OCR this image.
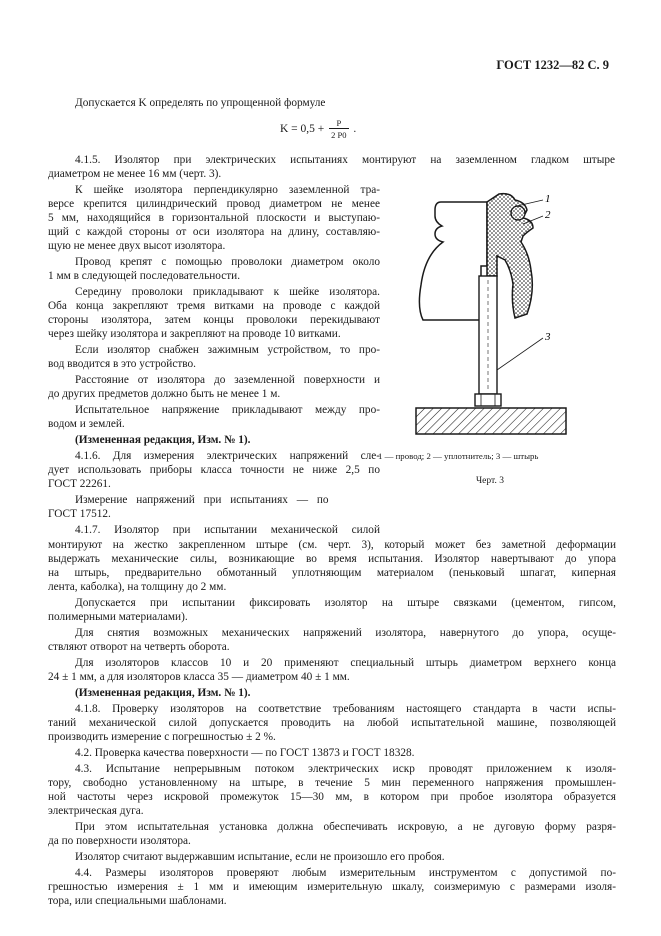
ГОСТ 1232—82 С. 9
Допускается K определять по упрощенной формуле
$K = 0,5 + \frac{P}{2 P0}$ .
4.1.5. Изолятор при электрических испытаниях монтируют на заземленном гладком штыре
диаметром не менее 16 мм (черт. 3).
К шейке изолятора перпендикулярно заземленной тра-
версе крепится цилиндрический провод диаметром не менее
5 мм, находящийся в горизонтальной плоскости и выступаю-
щий с каждой стороны от оси изолятора на длину, составляю-
щую не менее двух высот изолятора.
Провод крепят с помощью проволоки диаметром около
1 мм в следующей последовательности.
Середину проволоки прикладывают к шейке изолятора.
Оба конца закрепляют тремя витками на проводе с каждой
стороны изолятора, затем концы проволоки перекидывают
через шейку изолятора и закрепляют на проводе 10 витками.
Если изолятор снабжен зажимным устройством, то про-
вод вводится в это устройство.
Расстояние от изолятора до заземленной поверхности и
до других предметов должно быть не менее 1 м.
Испытательное напряжение прикладывают между про-
водом и землей.
(Измененная редакция, Изм. № 1).
4.1.6. Для измерения электрических напряжений сле-
дует использовать приборы класса точности не ниже 2,5 по
ГОСТ 22261.
Измерение напряжений при испытаниях — по
ГОСТ 17512.
4.1.7. Изолятор при испытании механической силой
1
2
3
1 — провод; 2 — уплотнитель; 3 — штырь
Черт. 3
монтируют на жестко закрепленном штыре (см. черт. 3), который может без заметной деформации
выдержать механические силы, возникающие во время испытания. Изолятор навертывают до упора
на штырь, предварительно обмотанный уплотняющим материалом (пеньковый шпагат, киперная
лента, каболка), на толщину до 2 мм.
Допускается при испытании фиксировать изолятор на штыре связками (цементом, гипсом,
полимерными материалами).
Для снятия возможных механических напряжений изолятора, навернутого до упора, осуще-
ствляют отворот на четверть оборота.
Для изоляторов классов 10 и 20 применяют специальный штырь диаметром верхнего конца
24 ± 1 мм, а для изоляторов класса 35 — диаметром 40 ± 1 мм.
(Измененная редакция, Изм. № 1).
4.1.8. Проверку изоляторов на соответствие требованиям настоящего стандарта в части испы-
таний механической силой допускается проводить на любой испытательной машине, позволяющей
производить измерение с погрешностью ± 2 %.
4.2. Проверка качества поверхности — по ГОСТ 13873 и ГОСТ 18328.
4.3. Испытание непрерывным потоком электрических искр проводят приложением к изоля-
тору, свободно установленному на штыре, в течение 5 мин переменного напряжения промышлен-
ной частоты через искровой промежуток 15—30 мм, в котором при пробое изолятора образуется
электрическая дуга.
При этом испытательная установка должна обеспечивать искровую, а не дуговую форму разря-
да по поверхности изолятора.
Изолятор считают выдержавшим испытание, если не произошло его пробоя.
4.4. Размеры изоляторов проверяют любым измерительным инструментом с допустимой по-
грешностью измерения ± 1 мм и имеющим измерительную шкалу, соизмеримую с размерами изоля-
тора, или специальными шаблонами.
